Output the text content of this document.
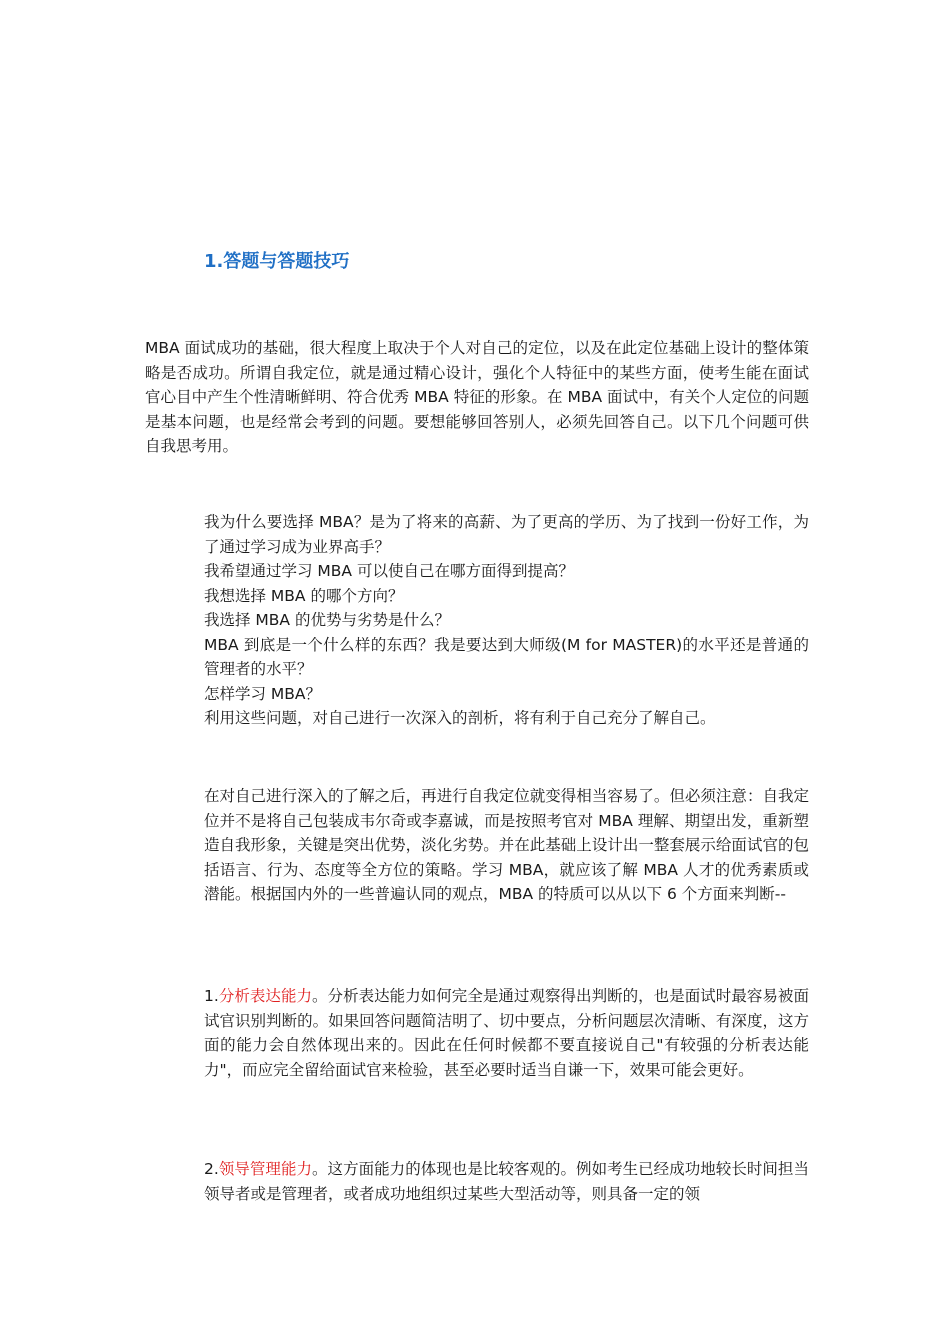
1.答题与答题技巧

MBA 面试成功的基础，很大程度上取决于个人对自己的定位，以及在此定位基础上设计的整体策略是否成功。所谓自我定位，就是通过精心设计，强化个人特征中的某些方面，使考生能在面试官心目中产生个性清晰鲜明、符合优秀 MBA 特征的形象。在 MBA 面试中，有关个人定位的问题是基本问题，也是经常会考到的问题。要想能够回答别人，必须先回答自己。以下几个问题可供自我思考用。

我为什么要选择 MBA？是为了将来的高薪、为了更高的学历、为了找到一份好工作，为了通过学习成为业界高手？

我希望通过学习 MBA 可以使自己在哪方面得到提高？

我想选择 MBA 的哪个方向？

我选择 MBA 的优势与劣势是什么？

MBA 到底是一个什么样的东西？我是要达到大师级(M for MASTER)的水平还是普通的管理者的水平？

怎样学习 MBA？

利用这些问题，对自己进行一次深入的剖析，将有利于自己充分了解自己。

在对自己进行深入的了解之后，再进行自我定位就变得相当容易了。但必须注意：自我定位并不是将自己包装成韦尔奇或李嘉诚，而是按照考官对 MBA 理解、期望出发，重新塑造自我形象，关键是突出优势，淡化劣势。并在此基础上设计出一整套展示给面试官的包括语言、行为、态度等全方位的策略。学习 MBA，就应该了解 MBA 人才的优秀素质或潜能。根据国内外的一些普遍认同的观点，MBA 的特质可以从以下 6 个方面来判断--

1.分析表达能力。分析表达能力如何完全是通过观察得出判断的，也是面试时最容易被面试官识别判断的。如果回答问题简洁明了、切中要点，分析问题层次清晰、有深度，这方面的能力会自然体现出来的。因此在任何时候都不要直接说自己"有较强的分析表达能力"，而应完全留给面试官来检验，甚至必要时适当自谦一下，效果可能会更好。

2.领导管理能力。这方面能力的体现也是比较客观的。例如考生已经成功地较长时间担当领导者或是管理者，或者成功地组织过某些大型活动等，则具备一定的领
